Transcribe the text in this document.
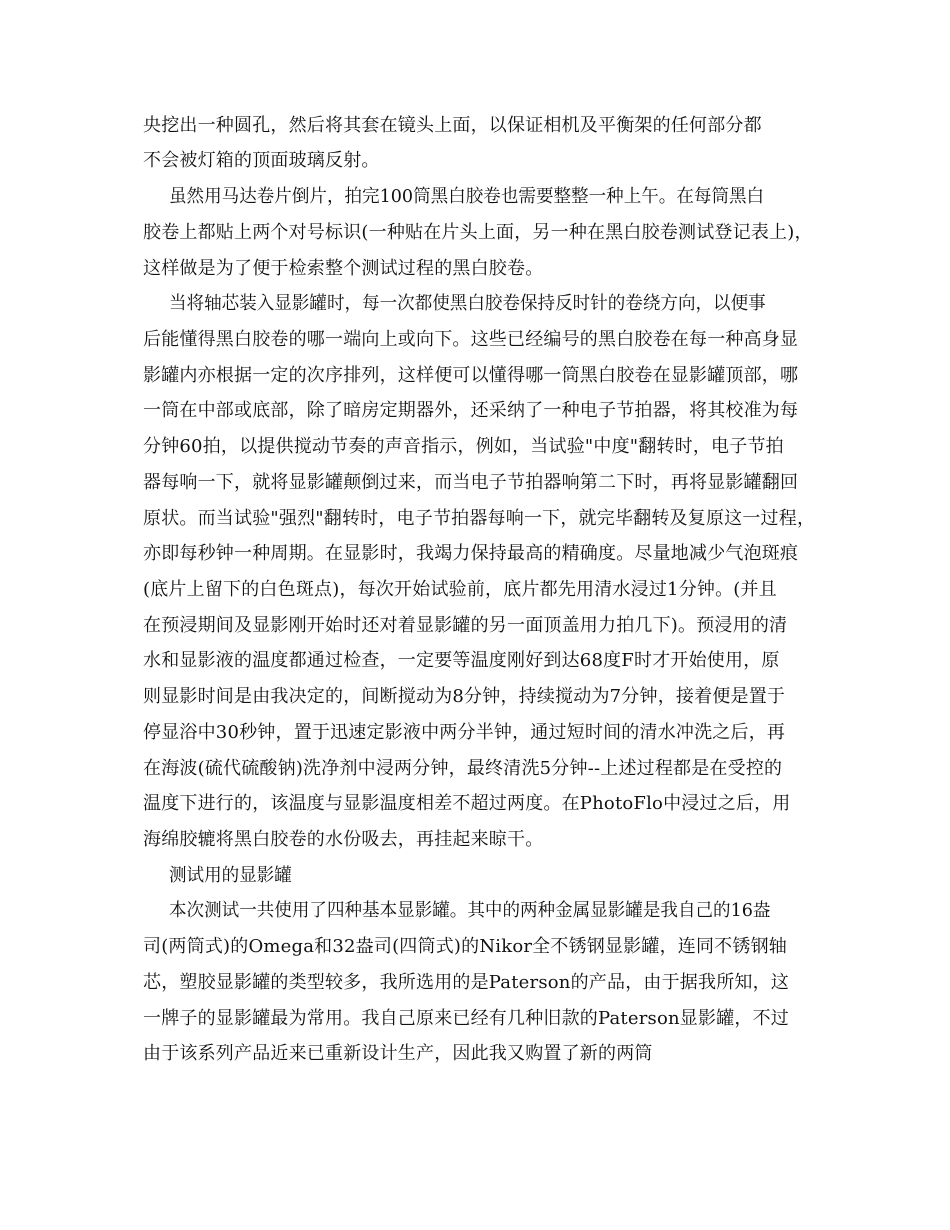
央挖出一种圆孔，然后将其套在镜头上面，以保证相机及平衡架的任何部分都
不会被灯箱的顶面玻璃反射。
虽然用马达卷片倒片，拍完100筒黑白胶卷也需要整整一种上午。在每筒黑白
胶卷上都贴上两个对号标识(一种贴在片头上面，另一种在黑白胶卷测试登记表上)，
这样做是为了便于检索整个测试过程的黑白胶卷。
当将轴芯装入显影罐时，每一次都使黑白胶卷保持反时针的卷绕方向，以便事
后能懂得黑白胶卷的哪一端向上或向下。这些已经编号的黑白胶卷在每一种高身显
影罐内亦根据一定的次序排列，这样便可以懂得哪一筒黑白胶卷在显影罐顶部，哪
一筒在中部或底部，除了暗房定期器外，还采纳了一种电子节拍器，将其校准为每
分钟60拍，以提供搅动节奏的声音指示，例如，当试验"中度"翻转时，电子节拍
器每响一下，就将显影罐颠倒过来，而当电子节拍器响第二下时，再将显影罐翻回
原状。而当试验"强烈"翻转时，电子节拍器每响一下，就完毕翻转及复原这一过程，
亦即每秒钟一种周期。在显影时，我竭力保持最高的精确度。尽量地减少气泡斑痕
(底片上留下的白色斑点)，每次开始试验前，底片都先用清水浸过1分钟。(并且
在预浸期间及显影刚开始时还对着显影罐的另一面顶盖用力拍几下)。预浸用的清
水和显影液的温度都通过检查，一定要等温度刚好到达68度F时才开始使用，原
则显影时间是由我决定的，间断搅动为8分钟，持续搅动为7分钟，接着便是置于
停显浴中30秒钟，置于迅速定影液中两分半钟，通过短时间的清水冲洗之后，再
在海波(硫代硫酸钠)洗净剂中浸两分钟，最终清洗5分钟--上述过程都是在受控的
温度下进行的，该温度与显影温度相差不超过两度。在PhotoFlo中浸过之后，用
海绵胶辘将黑白胶卷的水份吸去，再挂起来晾干。
测试用的显影罐
本次测试一共使用了四种基本显影罐。其中的两种金属显影罐是我自己的16盎
司(两筒式)的Omega和32盎司(四筒式)的Nikor全不锈钢显影罐，连同不锈钢轴
芯，塑胶显影罐的类型较多，我所选用的是Paterson的产品，由于据我所知，这
一牌子的显影罐最为常用。我自己原来已经有几种旧款的Paterson显影罐，不过
由于该系列产品近来已重新设计生产，因此我又购置了新的两筒
